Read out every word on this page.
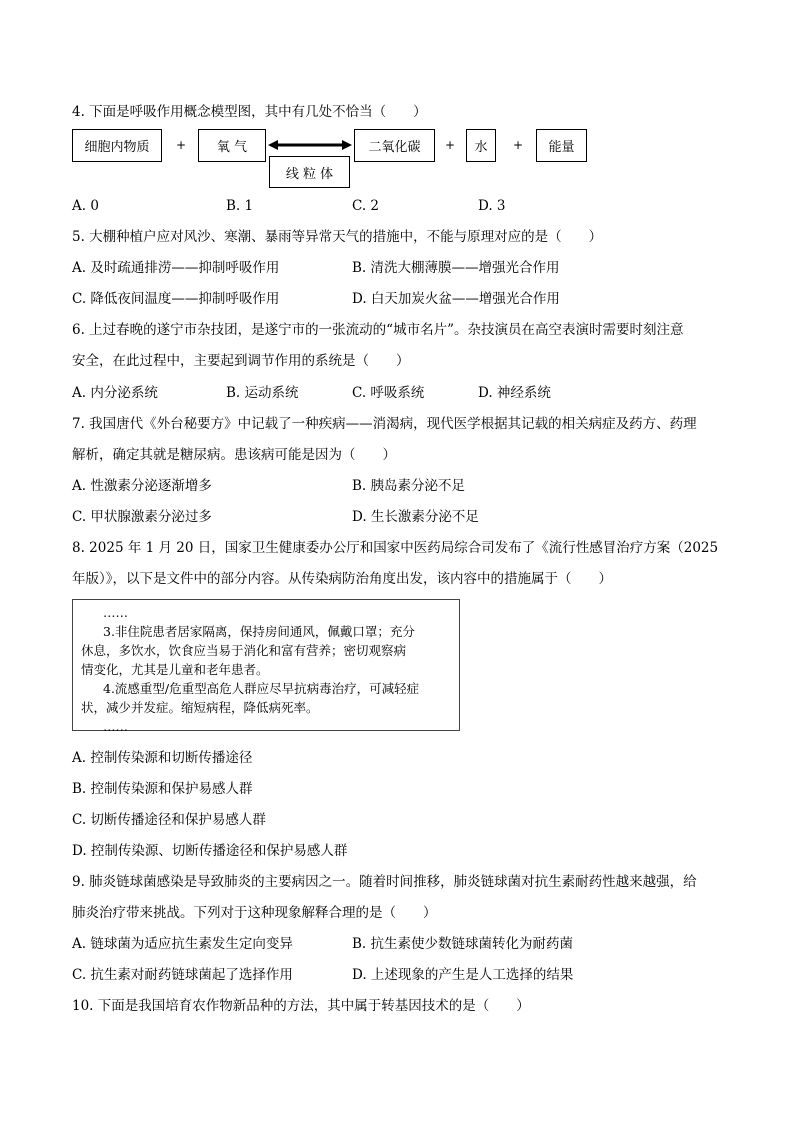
4. 下面是呼吸作用概念模型图，其中有几处不恰当（　　）
细胞内物质	+	氧 气
线 粒 体
二氧化碳	+	水	+	能量
A. 0	B. 1	C. 2	D. 3
5. 大棚种植户应对风沙、寒潮、暴雨等异常天气的措施中，不能与原理对应的是（　　）
A. 及时疏通排涝——抑制呼吸作用	B. 清洗大棚薄膜——增强光合作用
C. 降低夜间温度——抑制呼吸作用	D. 白天加炭火盆——增强光合作用
6. 上过春晚的遂宁市杂技团，是遂宁市的一张流动的“城市名片”。杂技演员在高空表演时需要时刻注意
安全，在此过程中，主要起到调节作用的系统是（　　）
A. 内分泌系统	B. 运动系统	C. 呼吸系统	D. 神经系统
7. 我国唐代《外台秘要方》中记载了一种疾病——消渴病，现代医学根据其记载的相关病症及药方、药理
解析，确定其就是糖尿病。患该病可能是因为（　　）
A. 性激素分泌逐渐增多	B. 胰岛素分泌不足
C. 甲状腺激素分泌过多	D. 生长激素分泌不足
8. 2025 年 1 月 20 日，国家卫生健康委办公厅和国家中医药局综合司发布了《流行性感冒治疗方案（2025
年版）》，以下是文件中的部分内容。从传染病防治角度出发，该内容中的措施属于（　　）

……

3.非住院患者居家隔离，保持房间通风，佩戴口罩；充分

休息，多饮水，饮食应当易于消化和富有营养；密切观察病

情变化，尤其是儿童和老年患者。

4.流感重型/危重型高危人群应尽早抗病毒治疗，可减轻症

状，减少并发症。缩短病程，降低病死率。

……

A. 控制传染源和切断传播途径
B. 控制传染源和保护易感人群
C. 切断传播途径和保护易感人群
D. 控制传染源、切断传播途径和保护易感人群
9. 肺炎链球菌感染是导致肺炎的主要病因之一。随着时间推移，肺炎链球菌对抗生素耐药性越来越强，给
肺炎治疗带来挑战。下列对于这种现象解释合理的是（　　）
A. 链球菌为适应抗生素发生定向变异	B. 抗生素使少数链球菌转化为耐药菌
C. 抗生素对耐药链球菌起了选择作用	D. 上述现象的产生是人工选择的结果
10. 下面是我国培育农作物新品种的方法，其中属于转基因技术的是（　　）
